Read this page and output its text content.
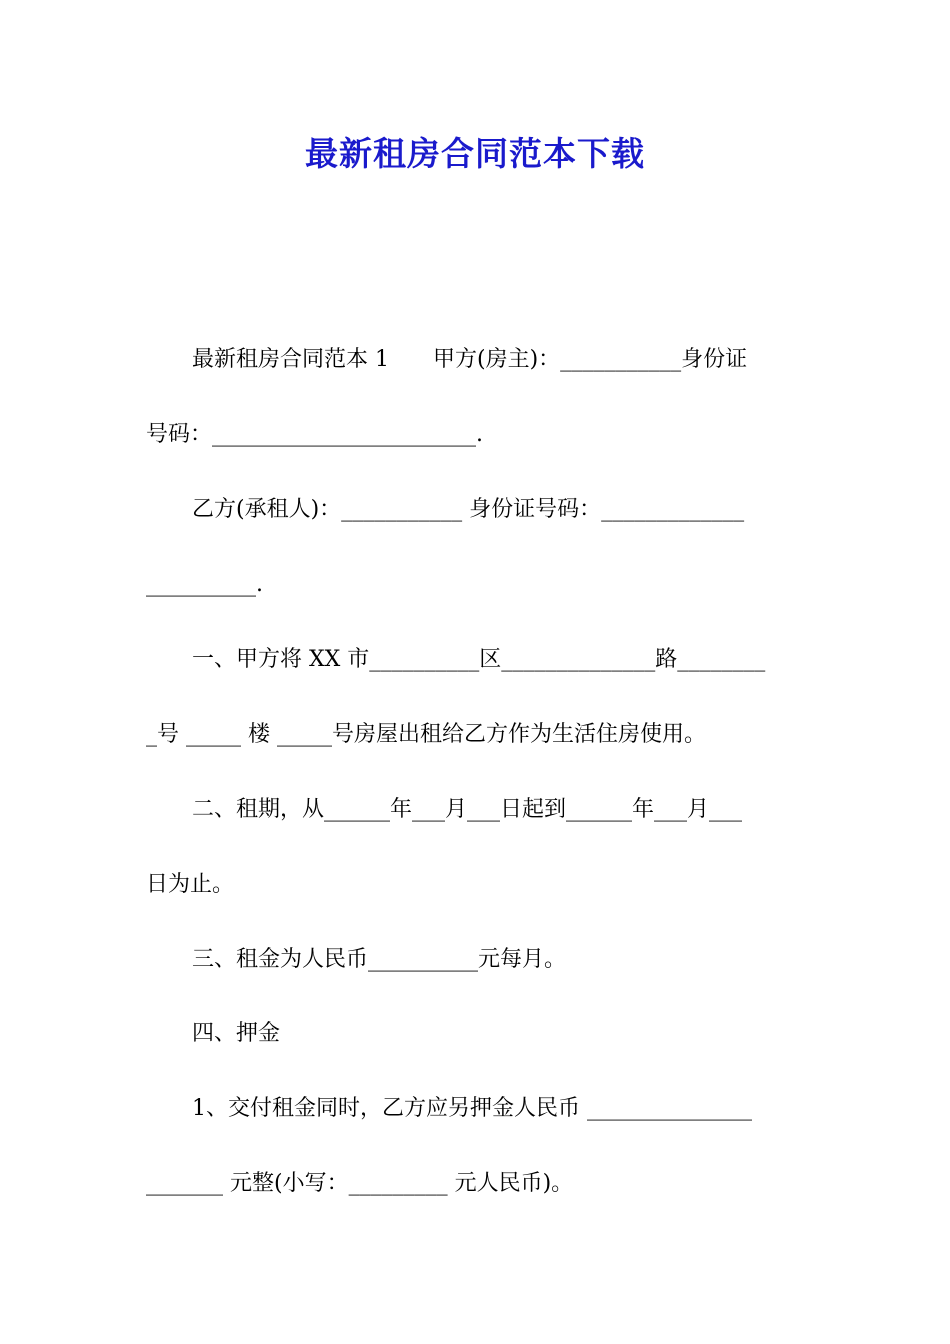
最新租房合同范本下载
最新租房合同范本 1　　甲方(房主)：___________身份证
号码：________________________.
乙方(承租人)：___________ 身份证号码：_____________
__________.
一、甲方将 XX 市__________区______________路________
_号 _____ 楼 _____号房屋出租给乙方作为生活住房使用。
二、租期，从______年___月___日起到______年___月___
日为止。
三、租金为人民币__________元每月。
四、押金
1、交付租金同时，乙方应另押金人民币 _______________
_______ 元整(小写：_________ 元人民币)。
